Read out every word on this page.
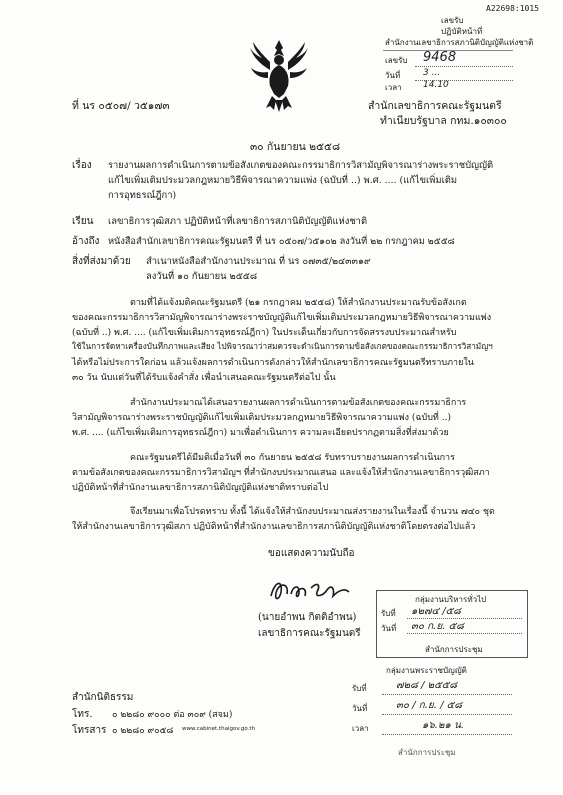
A22698:1015
เลขรับ
ปฏิบัติหน้าที่
สำนักงานเลขาธิการสภานิติบัญญัติแห่งชาติ
เลขรับ 9468
วันที่	3 ...
เวลา 14.10
ที่ นร ๐๕๐๗/ ว๕๑๗๓	สำนักเลขาธิการคณะรัฐมนตรี
ทำเนียบรัฐบาล กทม.๑๐๓๐๐
๓๐ กันยายน ๒๕๕๘
เรื่อง รายงานผลการดำเนินการตามข้อสังเกตของคณะกรรมาธิการวิสามัญพิจารณาร่างพระราชบัญญัติ
แก้ไขเพิ่มเติมประมวลกฎหมายวิธีพิจารณาความแพ่ง (ฉบับที่ ..) พ.ศ. .... (แก้ไขเพิ่มเติม
การอุทธรณ์ฎีกา)
เรียน เลขาธิการวุฒิสภา ปฏิบัติหน้าที่เลขาธิการสภานิติบัญญัติแห่งชาติ
อ้างถึง หนังสือสำนักเลขาธิการคณะรัฐมนตรี ที่ นร ๐๕๐๗/ว๕๑๐๒ ลงวันที่ ๒๒ กรกฎาคม ๒๕๕๘
สิ่งที่ส่งมาด้วย สำเนาหนังสือสำนักงานประมาณ ที่ นร ๐๗๓๕/๒๔๓๓๑๙
ลงวันที่ ๑๐ กันยายน ๒๕๕๘
ตามที่ได้แจ้งมติคณะรัฐมนตรี (๒๑ กรกฎาคม ๒๕๕๘) ให้สำนักงานประมาณรับข้อสังเกต
ของคณะกรรมาธิการวิสามัญพิจารณาร่างพระราชบัญญัติแก้ไขเพิ่มเติมประมวลกฎหมายวิธีพิจารณาความแพ่ง
(ฉบับที่ ..) พ.ศ. .... (แก้ไขเพิ่มเติมการอุทธรณ์ฎีกา) ในประเด็นเกี่ยวกับการจัดสรรงบประมาณสำหรับ
ใช้ในการจัดหาเครื่องบันทึกภาพและเสียง ไปพิจารณาว่าสมควรจะดำเนินการตามข้อสังเกตของคณะกรรมาธิการวิสามัญฯ
ได้หรือไม่ประการใดก่อน แล้วแจ้งผลการดำเนินการดังกล่าวให้สำนักเลขาธิการคณะรัฐมนตรีทราบภายใน
๓๐ วัน นับแต่วันที่ได้รับแจ้งคำสั่ง เพื่อนำเสนอคณะรัฐมนตรีต่อไป นั้น
สำนักงานประมาณได้เสนอรายงานผลการดำเนินการตามข้อสังเกตของคณะกรรมาธิการ
วิสามัญพิจารณาร่างพระราชบัญญัติแก้ไขเพิ่มเติมประมวลกฎหมายวิธีพิจารณาความแพ่ง (ฉบับที่ ..)
พ.ศ. .... (แก้ไขเพิ่มเติมการอุทธรณ์ฎีกา) มาเพื่อดำเนินการ ความละเอียดปรากฏตามสิ่งที่ส่งมาด้วย
คณะรัฐมนตรีได้มีมติเมื่อวันที่ ๓๐ กันยายน ๒๕๕๘ รับทราบรายงานผลการดำเนินการ
ตามข้อสังเกตของคณะกรรมาธิการวิสามัญฯ ที่สำนักงบประมาณเสนอ และแจ้งให้สำนักงานเลขาธิการวุฒิสภา
ปฏิบัติหน้าที่สำนักงานเลขาธิการสภานิติบัญญัติแห่งชาติทราบต่อไป
จึงเรียนมาเพื่อโปรดทราบ ทั้งนี้ ได้แจ้งให้สำนักงบประมาณส่งรายงานในเรื่องนี้ จำนวน ๗๔๐ ชุด
ให้สำนักงานเลขาธิการวุฒิสภา ปฏิบัติหน้าที่สำนักงานเลขาธิการสภานิติบัญญัติแห่งชาติโดยตรงต่อไปแล้ว
ขอแสดงความนับถือ
(นายอำพน กิตติอำพน)
เลขาธิการคณะรัฐมนตรี
กลุ่มงานบริหารทั่วไป
รับที่ ๑๒๗๔ /๕๘
วันที่ ๓๐ ก.ย. ๕๘
สำนักการประชุม
กลุ่มงานพระราชบัญญัติ
รับที่	๗๒๘ / ๒๕๕๘
วันที่	๓๐ / ก.ย. / ๕๘
เวลา	๑๖.๒๑ น.
สำนักการประชุม
สำนักนิติธรรม
โทร. ๐ ๒๒๘๐ ๙๐๐๐ ต่อ ๓๐๙ (สจม)
โทรสาร ๐ ๒๒๘๐ ๙๐๕๘ www.cabinet.thaigov.go.th
